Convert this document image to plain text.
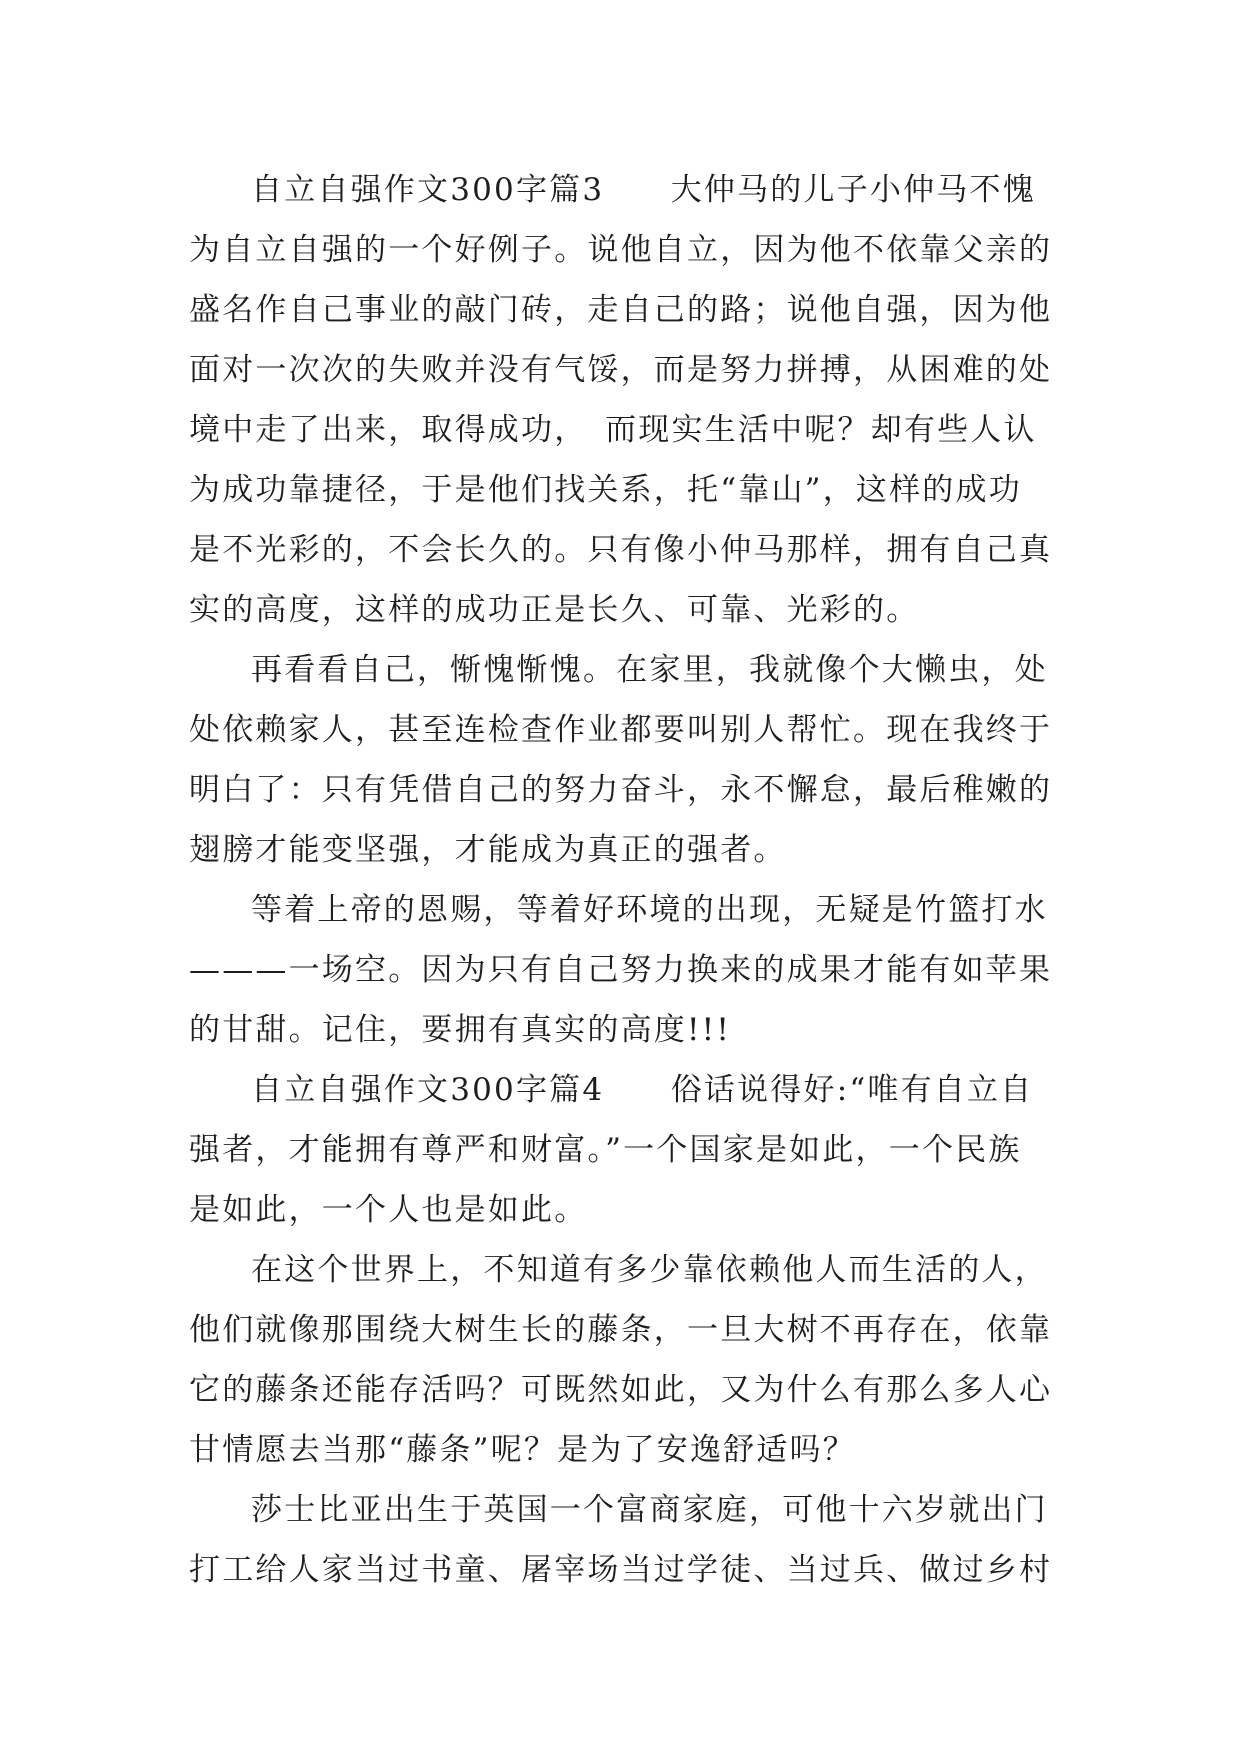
自立自强作文300字篇3　　大仲马的儿子小仲马不愧
为自立自强的一个好例子。说他自立，因为他不依靠父亲的
盛名作自己事业的敲门砖，走自己的路；说他自强，因为他
面对一次次的失败并没有气馁，而是努力拼搏，从困难的处
境中走了出来，取得成功，　而现实生活中呢？却有些人认
为成功靠捷径，于是他们找关系，托“靠山”，这样的成功
是不光彩的，不会长久的。只有像小仲马那样，拥有自己真
实的高度，这样的成功正是长久、可靠、光彩的。

再看看自己，惭愧惭愧。在家里，我就像个大懒虫，处
处依赖家人，甚至连检查作业都要叫别人帮忙。现在我终于
明白了：只有凭借自己的努力奋斗，永不懈怠，最后稚嫩的
翅膀才能变坚强，才能成为真正的强者。

等着上帝的恩赐，等着好环境的出现，无疑是竹篮打水
———一场空。因为只有自己努力换来的成果才能有如苹果
的甘甜。记住，要拥有真实的高度!!!

自立自强作文300字篇4　　俗话说得好:“唯有自立自
强者，才能拥有尊严和财富。”一个国家是如此，一个民族
是如此，一个人也是如此。

在这个世界上，不知道有多少靠依赖他人而生活的人，
他们就像那围绕大树生长的藤条，一旦大树不再存在，依靠
它的藤条还能存活吗？可既然如此，又为什么有那么多人心
甘情愿去当那“藤条”呢？是为了安逸舒适吗？

莎士比亚出生于英国一个富商家庭，可他十六岁就出门
打工给人家当过书童、屠宰场当过学徒、当过兵、做过乡村
